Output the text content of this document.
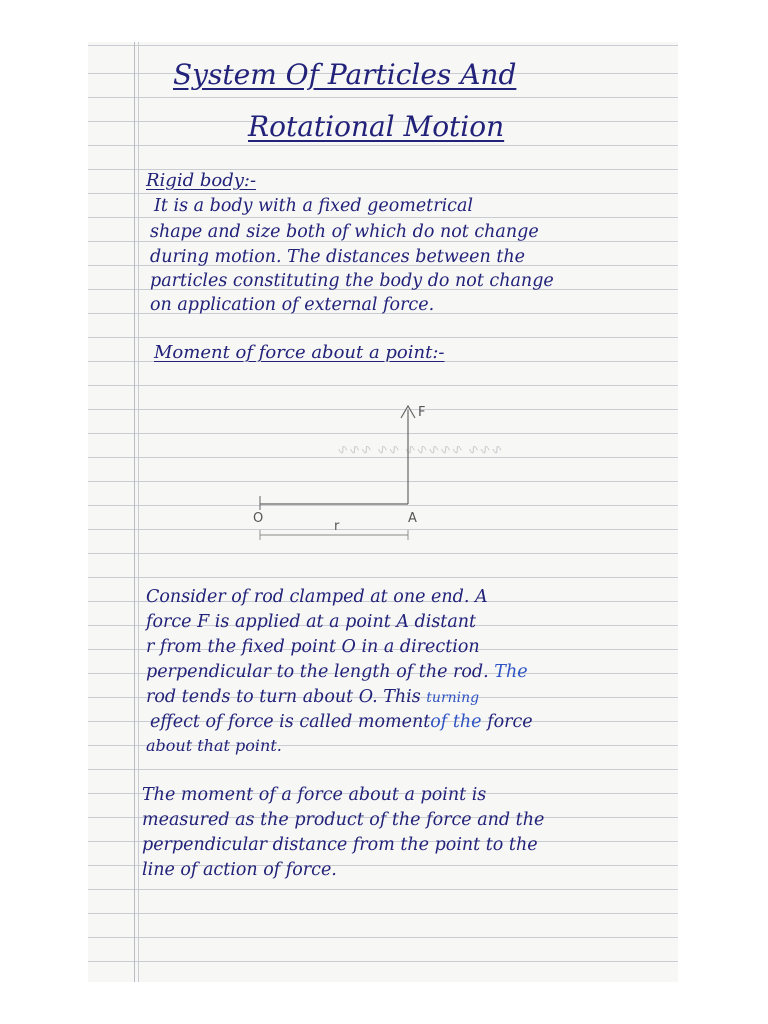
System Of Particles And
Rotational Motion
Rigid body:-
It is a body with a fixed geometrical
shape and size both of which do not change
during motion. The distances between the
particles constituting the body do not change
on application of external force.
Moment of force about a point:-
∿∿∿ ∿∿∿∿∿ ∿∿ ∿∿∿
O	A
F
r
Consider of rod clamped at one end. A
force F is applied at a point A distant
r from the fixed point O in a direction
perpendicular to the length of the rod. The
rod tends to turn about O. This turning
effect of force is called momentof the force
about that point.
The moment of a force about a point is
measured as the product of the force and the
perpendicular distance from the point to the
line of action of force.
